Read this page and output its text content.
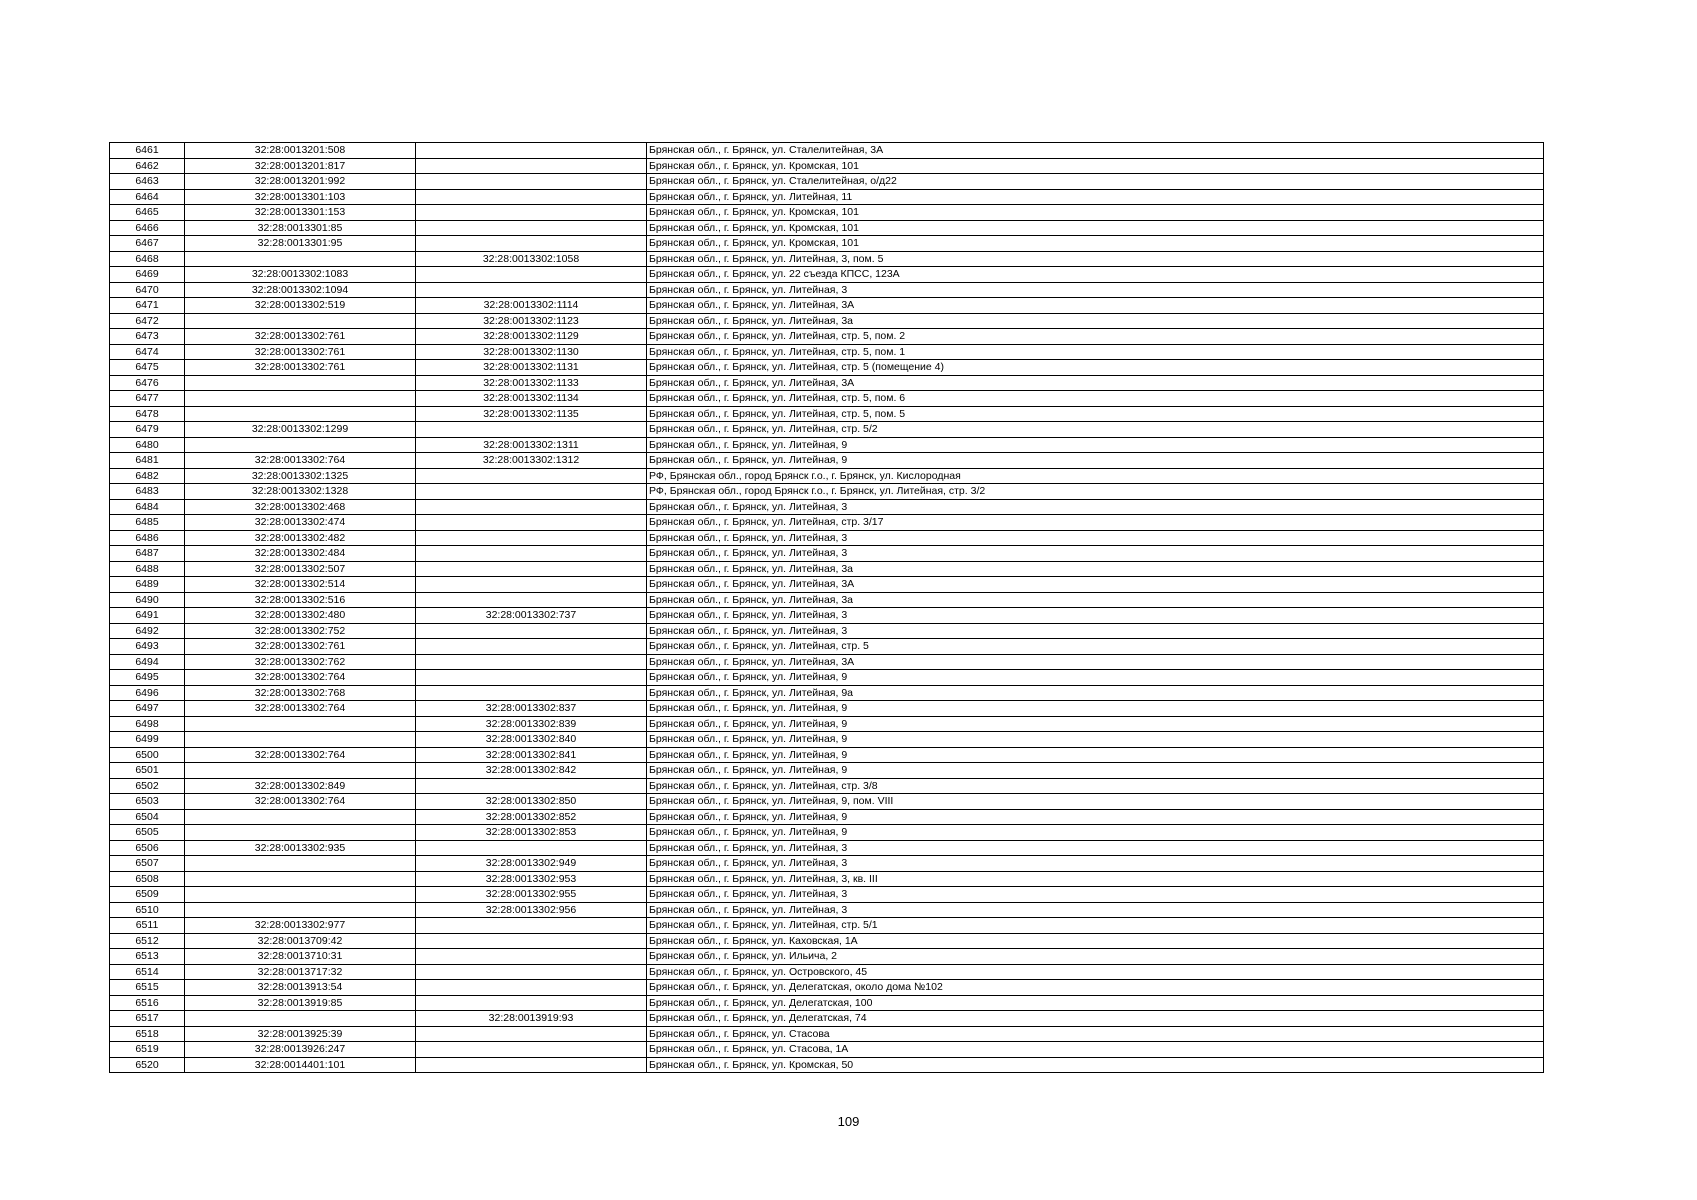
6461	32:28:0013201:508		Брянская обл., г. Брянск, ул. Сталелитейная, 3А
6462	32:28:0013201:817		Брянская обл., г. Брянск, ул. Кромская, 101
6463	32:28:0013201:992		Брянская обл., г. Брянск, ул. Сталелитейная, о/д22
6464	32:28:0013301:103		Брянская обл., г. Брянск, ул. Литейная, 11
6465	32:28:0013301:153		Брянская обл., г. Брянск, ул. Кромская, 101
6466	32:28:0013301:85		Брянская обл., г. Брянск, ул. Кромская, 101
6467	32:28:0013301:95		Брянская обл., г. Брянск, ул. Кромская, 101
6468		32:28:0013302:1058	Брянская обл., г. Брянск, ул. Литейная, 3, пом. 5
6469	32:28:0013302:1083		Брянская обл., г. Брянск, ул. 22 съезда КПСС, 123А
6470	32:28:0013302:1094		Брянская обл., г. Брянск, ул. Литейная, 3
6471	32:28:0013302:519	32:28:0013302:1114	Брянская обл., г. Брянск, ул. Литейная, 3А
6472		32:28:0013302:1123	Брянская обл., г. Брянск, ул. Литейная, 3а
6473	32:28:0013302:761	32:28:0013302:1129	Брянская обл., г. Брянск, ул. Литейная, стр. 5, пом. 2
6474	32:28:0013302:761	32:28:0013302:1130	Брянская обл., г. Брянск, ул. Литейная, стр. 5, пом. 1
6475	32:28:0013302:761	32:28:0013302:1131	Брянская обл., г. Брянск, ул. Литейная, стр. 5 (помещение 4)
6476		32:28:0013302:1133	Брянская обл., г. Брянск, ул. Литейная, 3А
6477		32:28:0013302:1134	Брянская обл., г. Брянск, ул. Литейная, стр. 5, пом. 6
6478		32:28:0013302:1135	Брянская обл., г. Брянск, ул. Литейная, стр. 5, пом. 5
6479	32:28:0013302:1299		Брянская обл., г. Брянск, ул. Литейная, стр. 5/2
6480		32:28:0013302:1311	Брянская обл., г. Брянск, ул. Литейная, 9
6481	32:28:0013302:764	32:28:0013302:1312	Брянская обл., г. Брянск, ул. Литейная, 9
6482	32:28:0013302:1325		РФ, Брянская обл., город Брянск г.о., г. Брянск, ул. Кислородная
6483	32:28:0013302:1328		РФ, Брянская обл., город Брянск г.о., г. Брянск, ул. Литейная, стр. 3/2
6484	32:28:0013302:468		Брянская обл., г. Брянск, ул. Литейная, 3
6485	32:28:0013302:474		Брянская обл., г. Брянск, ул. Литейная, стр. 3/17
6486	32:28:0013302:482		Брянская обл., г. Брянск, ул. Литейная, 3
6487	32:28:0013302:484		Брянская обл., г. Брянск, ул. Литейная, 3
6488	32:28:0013302:507		Брянская обл., г. Брянск, ул. Литейная, 3а
6489	32:28:0013302:514		Брянская обл., г. Брянск, ул. Литейная, 3А
6490	32:28:0013302:516		Брянская обл., г. Брянск, ул. Литейная, 3а
6491	32:28:0013302:480	32:28:0013302:737	Брянская обл., г. Брянск, ул. Литейная, 3
6492	32:28:0013302:752		Брянская обл., г. Брянск, ул. Литейная, 3
6493	32:28:0013302:761		Брянская обл., г. Брянск, ул. Литейная, стр. 5
6494	32:28:0013302:762		Брянская обл., г. Брянск, ул. Литейная, 3А
6495	32:28:0013302:764		Брянская обл., г. Брянск, ул. Литейная, 9
6496	32:28:0013302:768		Брянская обл., г. Брянск, ул. Литейная, 9а
6497	32:28:0013302:764	32:28:0013302:837	Брянская обл., г. Брянск, ул. Литейная, 9
6498		32:28:0013302:839	Брянская обл., г. Брянск, ул. Литейная, 9
6499		32:28:0013302:840	Брянская обл., г. Брянск, ул. Литейная, 9
6500	32:28:0013302:764	32:28:0013302:841	Брянская обл., г. Брянск, ул. Литейная, 9
6501		32:28:0013302:842	Брянская обл., г. Брянск, ул. Литейная, 9
6502	32:28:0013302:849		Брянская обл., г. Брянск, ул. Литейная, стр. 3/8
6503	32:28:0013302:764	32:28:0013302:850	Брянская обл., г. Брянск, ул. Литейная, 9, пом. VIII
6504		32:28:0013302:852	Брянская обл., г. Брянск, ул. Литейная, 9
6505		32:28:0013302:853	Брянская обл., г. Брянск, ул. Литейная, 9
6506	32:28:0013302:935		Брянская обл., г. Брянск, ул. Литейная, 3
6507		32:28:0013302:949	Брянская обл., г. Брянск, ул. Литейная, 3
6508		32:28:0013302:953	Брянская обл., г. Брянск, ул. Литейная, 3, кв. III
6509		32:28:0013302:955	Брянская обл., г. Брянск, ул. Литейная, 3
6510		32:28:0013302:956	Брянская обл., г. Брянск, ул. Литейная, 3
6511	32:28:0013302:977		Брянская обл., г. Брянск, ул. Литейная, стр. 5/1
6512	32:28:0013709:42		Брянская обл., г. Брянск, ул. Каховская, 1А
6513	32:28:0013710:31		Брянская обл., г. Брянск, ул. Ильича, 2
6514	32:28:0013717:32		Брянская обл., г. Брянск, ул. Островского, 45
6515	32:28:0013913:54		Брянская обл., г. Брянск, ул. Делегатская, около дома №102
6516	32:28:0013919:85		Брянская обл., г. Брянск, ул. Делегатская, 100
6517		32:28:0013919:93	Брянская обл., г. Брянск, ул. Делегатская, 74
6518	32:28:0013925:39		Брянская обл., г. Брянск, ул. Стасова
6519	32:28:0013926:247		Брянская обл., г. Брянск, ул. Стасова, 1А
6520	32:28:0014401:101		Брянская обл., г. Брянск, ул. Кромская, 50
109
